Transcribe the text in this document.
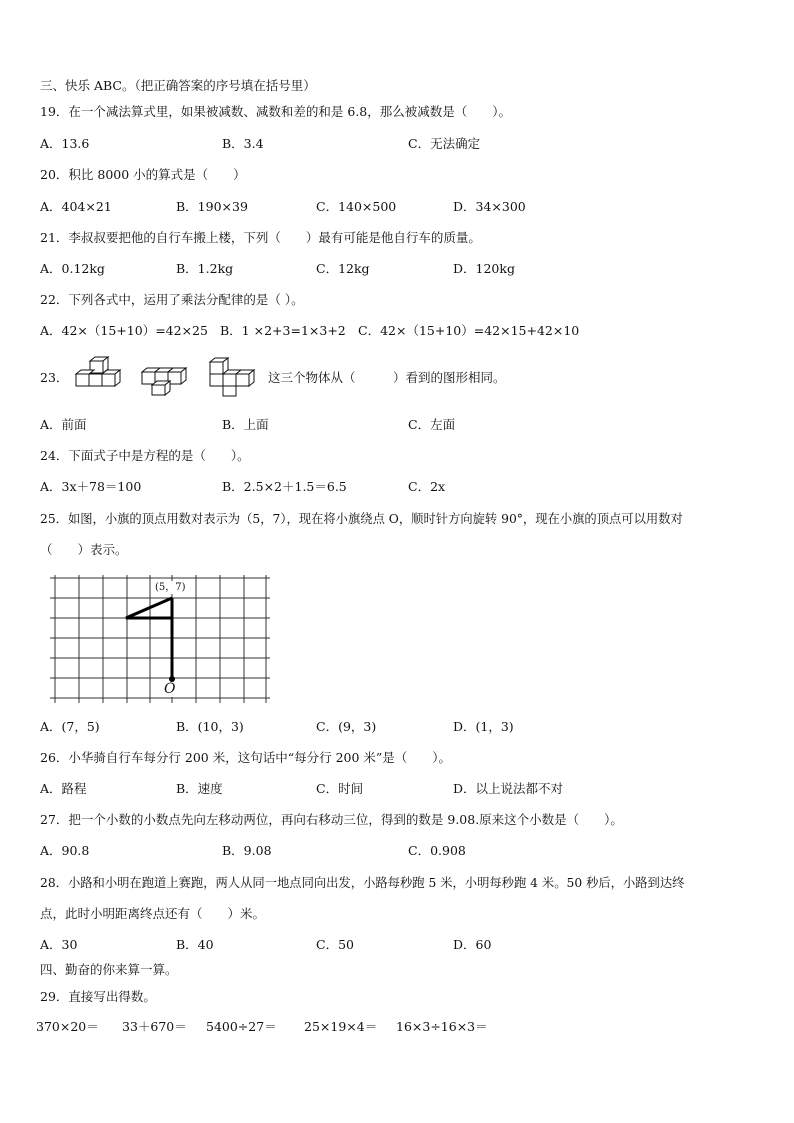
三、快乐 ABC。（把正确答案的序号填在括号里）
19．在一个减法算式里，如果被减数、减数和差的和是 6.8，那么被减数是（　　）。
A．13.6	B．3.4	C．无法确定
20．积比 8000 小的算式是（　　）
A．404×21	B．190×39	C．140×500	D．34×300
21．李叔叔要把他的自行车搬上楼，下列（　　）最有可能是他自行车的质量。
A．0.12kg	B．1.2kg	C．12kg	D．120kg
22．下列各式中，运用了乘法分配律的是（ ）。
A．42×（15+10）=42×25 B．1 ×2+3=1×3+2 C．42×（15+10）=42×15+42×10
23．	这三个物体从（　　　）看到的图形相同。
A．前面	B．上面	C．左面
24．下面式子中是方程的是（　　）。
A．3x＋78＝100	B．2.5×2＋1.5＝6.5	C．2x
25．如图，小旗的顶点用数对表示为（5，7），现在将小旗绕点 O，顺时针方向旋转 90°，现在小旗的顶点可以用数对
（　　）表示。
(5，7)
O
A．(7，5)	B．(10，3)	C．(9，3)	D．(1，3)
26．小华骑自行车每分行 200 米，这句话中“每分行 200 米”是（　　）。
A．路程	B．速度	C．时间	D．以上说法都不对
27．把一个小数的小数点先向左移动两位，再向右移动三位，得到的数是 9.08.原来这个小数是（　　）。
A．90.8	B．9.08	C．0.908
28．小路和小明在跑道上赛跑，两人从同一地点同向出发，小路每秒跑 5 米，小明每秒跑 4 米。50 秒后，小路到达终
点，此时小明距离终点还有（　　）米。
A．30	B．40	C．50	D．60
四、勤奋的你来算一算。
29．直接写出得数。
370×20＝ 33＋670＝ 5400÷27＝ 25×19×4＝ 16×3÷16×3＝
